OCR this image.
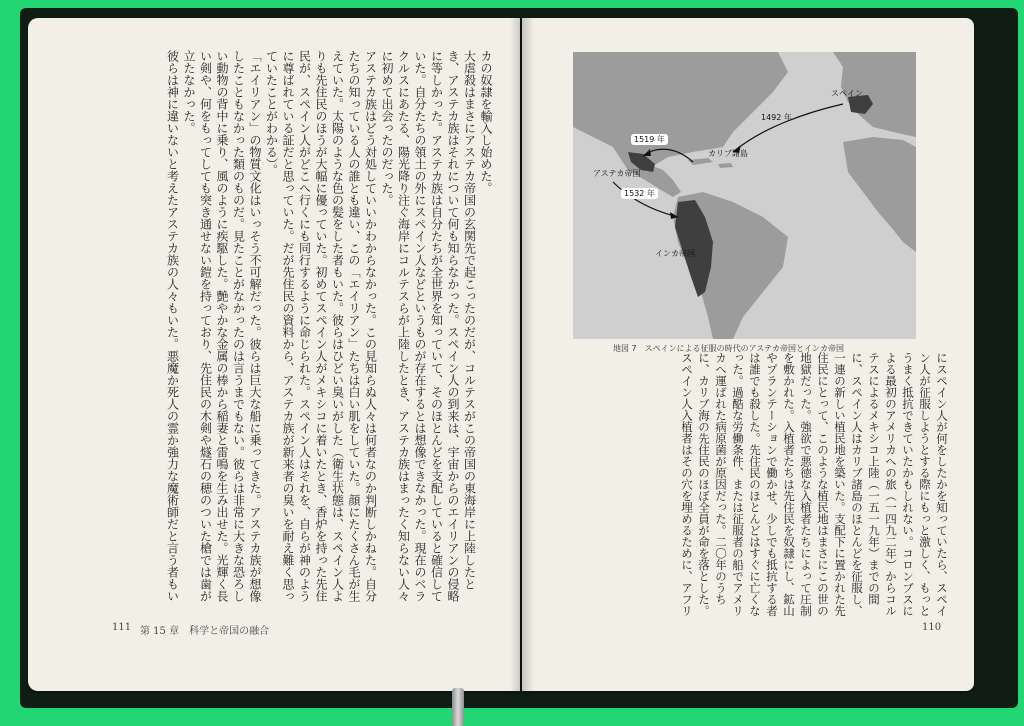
カの奴隷を輸入し始めた。

大虐殺はまさにアステカ帝国の玄関先で起こったのだが、コルテスがこの帝国の東海岸に上陸したとき、アステカ族はそれについて何も知らなかった。スペイン人の到来は、宇宙からのエイリアンの侵略に等しかった。アステカ族は自分たちが全世界を知っていて、そのほとんどを支配していると確信していた。自分たちの領土の外にスペイン人などというものが存在するとは想像できなかった。現在のベラクルスにあたる、陽光降り注ぐ海岸にコルテスらが上陸したとき、アステカ族はまったく知らない人々に初めて出会ったのだった。

アステカ族はどう対処していいかわからなかった。この見知らぬ人々は何者なのか判断しかねた。自分たちの知っている人の誰とも違い、この「エイリアン」たちは白い肌をしていた。顔にたくさん毛が生えていた。太陽のような色の髪をした者もいた。彼らはひどい臭いがした（衛生状態は、スペイン人よりも先住民のほうが大幅に優っていた。初めてスペイン人がメキシコに着いたとき、香炉を持った先住民が、スペイン人がどこへ行くにも同行するように命じられた。スペイン人はそれを、自らが神のように尊ばれている証だと思っていた。だが先住民の資料から、アステカ族が新来者の臭いを耐え難く思っていたことがわかる）。

「エイリアン」の物質文化はいっそう不可解だった。彼らは巨大な船に乗ってきた。アステカ族が想像したこともなかった類のものだ。見たことがなかったのは言うまでもない。彼らは非常に大きな恐ろしい動物の背中に乗り、風のように疾駆した。艶やかな金属の棒から稲妻と雷鳴を生み出せた。光輝く長い剣や、何をもってしても突き通せない鎧を持っており、先住民の木剣や燧石の穂のついた槍では歯が立たなかった。

彼らは神に違いないと考えたアステカ族の人々もいた。悪魔か死人の霊か強力な魔術師だと言う者もい

111 第 15 章　科学と帝国の融合
スペイン
1492 年
1519 年
カリブ諸島
アステカ帝国
1532 年
インカ帝国
地図 7　スペインによる征服の時代のアステカ帝国とインカ帝国

にスペイン人が何をしたかを知っていたら、スペイン人が征服しようとする際にもっと激しく、もっとうまく抵抗できていたかもしれない。コロンブスによる最初のアメリカへの旅（一四九二年）からコルテスによるメキシコ上陸（一五一九年）までの間に、スペイン人はカリブ諸島のほとんどを征服し、一連の新しい植民地を築いた。支配下に置かれた先住民にとって、このような植民地はまさにこの世の地獄だった。強欲で悪徳な入植者たちによって圧制を敷かれた。入植者たちは先住民を奴隷にし、鉱山やプランテーションで働かせ、少しでも抵抗する者は誰でも殺した。先住民のほとんどはすぐに亡くなった。過酷な労働条件、または征服者の船でアメリカへ運ばれた病原菌が原因だった。二〇年のうちに、カリブ海の先住民のほぼ全員が命を落とした。スペイン人入植者はその穴を埋めるために、アフリ

110
